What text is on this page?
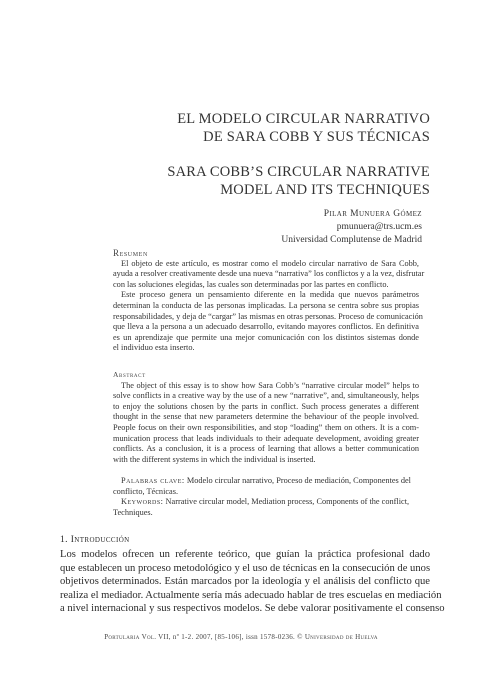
EL MODELO CIRCULAR NARRATIVO
DE SARA COBB Y SUS TÉCNICAS
SARA COBB’S CIRCULAR NARRATIVE
MODEL AND ITS TECHNIQUES
Pilar Munuera Gómez
pmunuera@trs.ucm.es
Universidad Complutense de Madrid
Resumen

El objeto de este artículo, es mostrar como el modelo circular narrativo de Sara Cobb,
ayuda a resolver creativamente desde una nueva “narrativa” los conflictos y a la vez, disfrutar
con las soluciones elegidas, las cuales son determinadas por las partes en conflicto.

Este proceso genera un pensamiento diferente en la medida que nuevos parámetros
determinan la conducta de las personas implicadas. La persona se centra sobre sus propias
responsabilidades, y deja de “cargar” las mismas en otras personas. Proceso de comunicación
que lleva a la persona a un adecuado desarrollo, evitando mayores conflictos. En definitiva
es un aprendizaje que permite una mejor comunicación con los distintos sistemas donde
el individuo esta inserto.

Abstract

The object of this essay is to show how Sara Cobb’s “narrative circular model” helps to
solve conflicts in a creative way by the use of a new “narrative”, and, simultaneously, helps
to enjoy the solutions chosen by the parts in conflict. Such process generates a different
thought in the sense that new parameters determine the behaviour of the people involved.
People focus on their own responsibilities, and stop “loading” them on others. It is a com-
munication process that leads individuals to their adequate development, avoiding greater
conflicts. As a conclusion, it is a process of learning that allows a better communication
with the different systems in which the individual is inserted.

Palabras clave: Modelo circular narrativo, Proceso de mediación, Componentes del
conflicto, Técnicas.
Keywords: Narrative circular model, Mediation process, Components of the conflict,
Techniques.
1. Introducción
Los modelos ofrecen un referente teórico, que guían la práctica profesional dado
que establecen un proceso metodológico y el uso de técnicas en la consecución de unos
objetivos determinados. Están marcados por la ideología y el análisis del conflicto que
realiza el mediador. Actualmente sería más adecuado hablar de tres escuelas en mediación
a nivel internacional y sus respectivos modelos. Se debe valorar positivamente el consenso
Portularia Vol. VII, nº 1-2. 2007, [85-106], issn 1578-0236. © Universidad de Huelva
